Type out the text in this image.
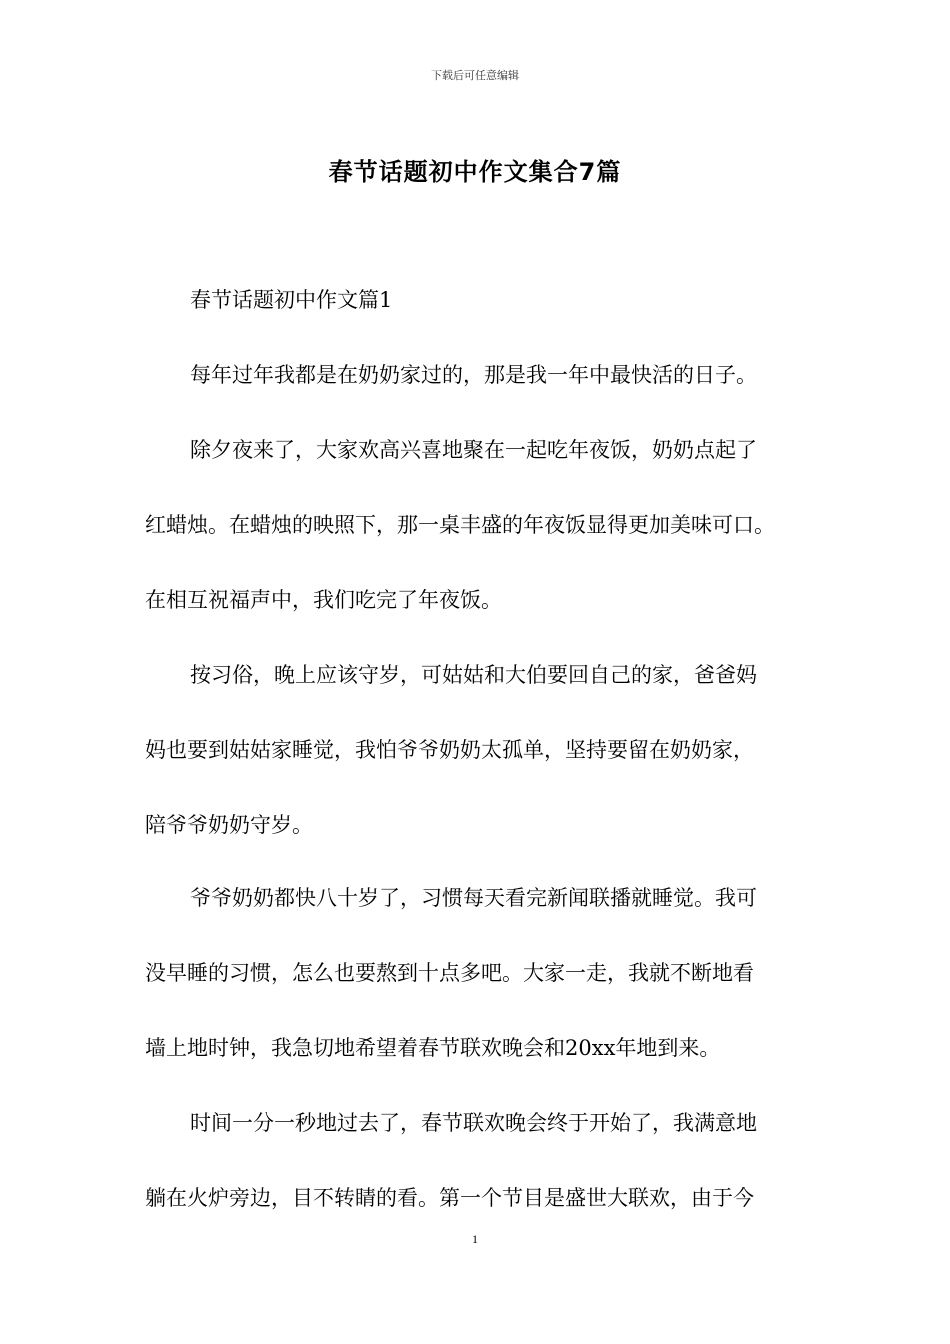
下载后可任意编辑
春节话题初中作文集合7篇
春节话题初中作文篇1
每年过年我都是在奶奶家过的，那是我一年中最快活的日子。
除夕夜来了，大家欢高兴喜地聚在一起吃年夜饭，奶奶点起了
红蜡烛。在蜡烛的映照下，那一桌丰盛的年夜饭显得更加美味可口。
在相互祝福声中，我们吃完了年夜饭。
按习俗，晚上应该守岁，可姑姑和大伯要回自己的家，爸爸妈
妈也要到姑姑家睡觉，我怕爷爷奶奶太孤单，坚持要留在奶奶家，
陪爷爷奶奶守岁。
爷爷奶奶都快八十岁了，习惯每天看完新闻联播就睡觉。我可
没早睡的习惯，怎么也要熬到十点多吧。大家一走，我就不断地看
墙上地时钟，我急切地希望着春节联欢晚会和20xx年地到来。
时间一分一秒地过去了，春节联欢晚会终于开始了，我满意地
躺在火炉旁边，目不转睛的看。第一个节目是盛世大联欢，由于今
1
